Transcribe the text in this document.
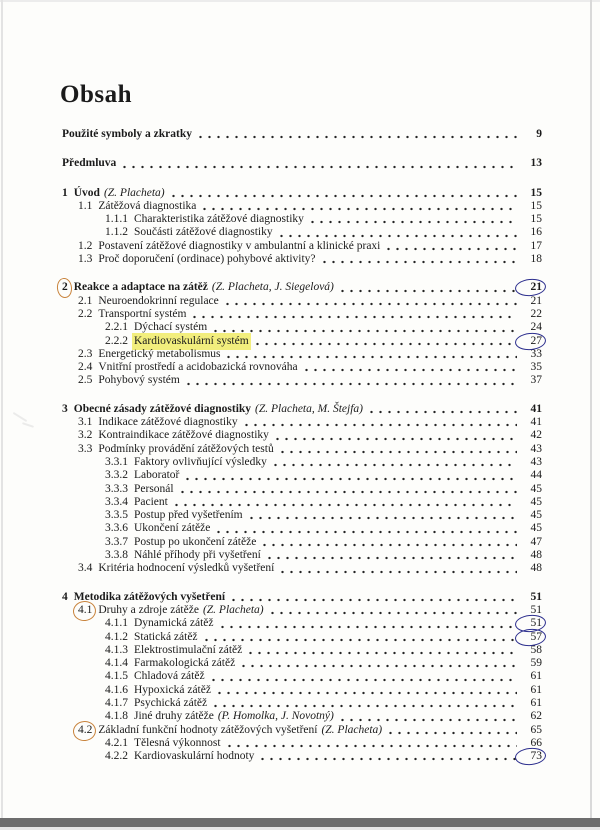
Obsah
Použité symboly a zkratky	9
Předmluva	13
1 Úvod (Z. Placheta)	15
1.1 Zátěžová diagnostika	15
1.1.1 Charakteristika zátěžové diagnostiky	15
1.1.2 Součásti zátěžové diagnostiky	16
1.2 Postavení zátěžové diagnostiky v ambulantní a klinické praxi	17
1.3 Proč doporučení (ordinace) pohybové aktivity?	18
2 Reakce a adaptace na zátěž (Z. Placheta, J. Siegelová)	21
2.1 Neuroendokrinní regulace	21
2.2 Transportní systém	22
2.2.1 Dýchací systém	24
2.2.2 Kardiovaskulární systém	27
2.3 Energetický metabolismus	33
2.4 Vnitřní prostředí a acidobazická rovnováha	35
2.5 Pohybový systém	37
3 Obecné zásady zátěžové diagnostiky (Z. Placheta, M. Štejfa)	41
3.1 Indikace zátěžové diagnostiky	41
3.2 Kontraindikace zátěžové diagnostiky	42
3.3 Podmínky provádění zátěžových testů	43
3.3.1 Faktory ovlivňující výsledky	43
3.3.2 Laboratoř	44
3.3.3 Personál	45
3.3.4 Pacient	45
3.3.5 Postup před vyšetřením	45
3.3.6 Ukončení zátěže	45
3.3.7 Postup po ukončení zátěže	47
3.3.8 Náhlé příhody při vyšetření	48
3.4 Kritéria hodnocení výsledků vyšetření	48
4 Metodika zátěžových vyšetření	51
4.1 Druhy a zdroje zátěže (Z. Placheta)	51
4.1.1 Dynamická zátěž	51
4.1.2 Statická zátěž	57
4.1.3 Elektrostimulační zátěž	58
4.1.4 Farmakologická zátěž	59
4.1.5 Chladová zátěž	61
4.1.6 Hypoxická zátěž	61
4.1.7 Psychická zátěž	61
4.1.8 Jiné druhy zátěže (P. Homolka, J. Novotný)	62
4.2 Základní funkční hodnoty zátěžových vyšetření (Z. Placheta)	65
4.2.1 Tělesná výkonnost	66
4.2.2 Kardiovaskulární hodnoty	73
